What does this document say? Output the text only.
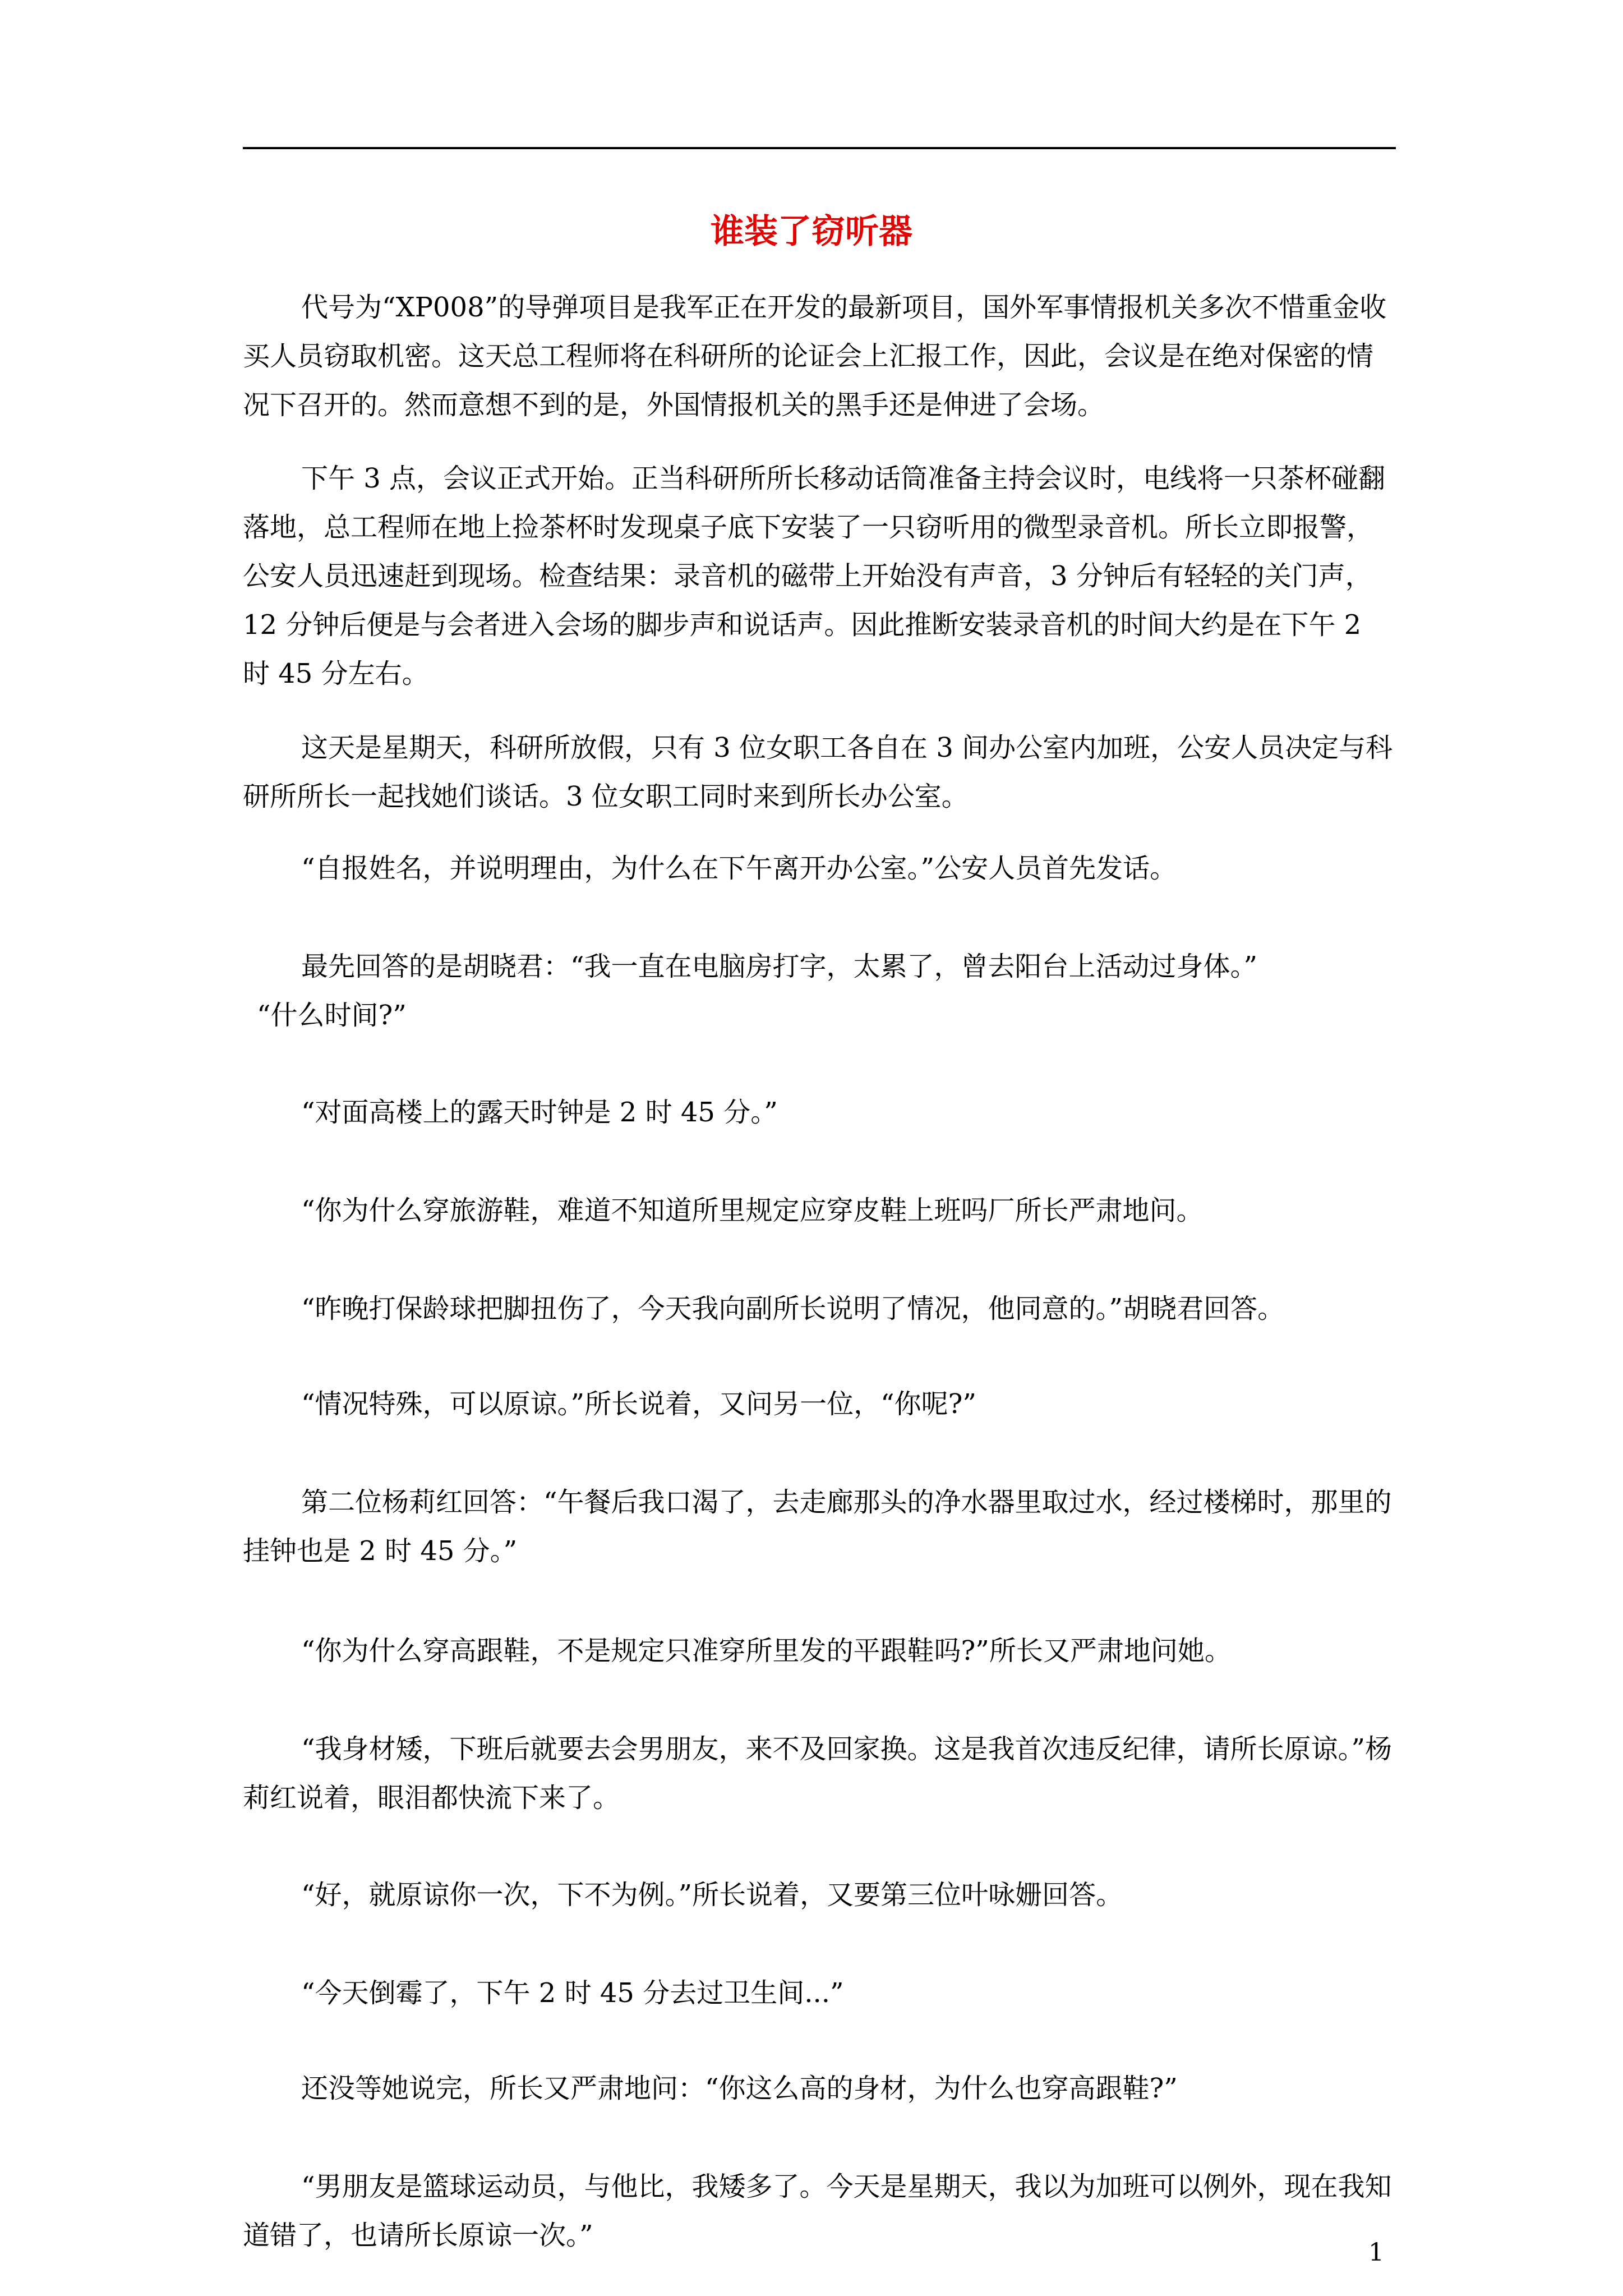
谁装了窃听器

代号为“XP008”的导弹项目是我军正在开发的最新项目，国外军事情报机关多次不惜重金收买人员窃取机密。这天总工程师将在科研所的论证会上汇报工作，因此，会议是在绝对保密的情况下召开的。然而意想不到的是，外国情报机关的黑手还是伸进了会场。

下午 3 点，会议正式开始。正当科研所所长移动话筒准备主持会议时，电线将一只茶杯碰翻落地，总工程师在地上捡茶杯时发现桌子底下安装了一只窃听用的微型录音机。所长立即报警，公安人员迅速赶到现场。检查结果：录音机的磁带上开始没有声音，3 分钟后有轻轻的关门声，12 分钟后便是与会者进入会场的脚步声和说话声。因此推断安装录音机的时间大约是在下午 2 时 45 分左右。

这天是星期天，科研所放假，只有 3 位女职工各自在 3 间办公室内加班，公安人员决定与科研所所长一起找她们谈话。3 位女职工同时来到所长办公室。

“自报姓名，并说明理由，为什么在下午离开办公室。”公安人员首先发话。

最先回答的是胡晓君：“我一直在电脑房打字，太累了，曾去阳台上活动过身体。”

“什么时间?”

“对面高楼上的露天时钟是 2 时 45 分。”

“你为什么穿旅游鞋，难道不知道所里规定应穿皮鞋上班吗厂所长严肃地问。

“昨晚打保龄球把脚扭伤了，今天我向副所长说明了情况，他同意的。”胡晓君回答。

“情况特殊，可以原谅。”所长说着，又问另一位，“你呢?”

第二位杨莉红回答：“午餐后我口渴了，去走廊那头的净水器里取过水，经过楼梯时，那里的挂钟也是 2 时 45 分。”

“你为什么穿高跟鞋，不是规定只准穿所里发的平跟鞋吗?”所长又严肃地问她。

“我身材矮，下班后就要去会男朋友，来不及回家换。这是我首次违反纪律，请所长原谅。”杨莉红说着，眼泪都快流下来了。

“好，就原谅你一次，下不为例。”所长说着，又要第三位叶咏姗回答。

“今天倒霉了，下午 2 时 45 分去过卫生间...”

还没等她说完，所长又严肃地问：“你这么高的身材，为什么也穿高跟鞋?”

“男朋友是篮球运动员，与他比，我矮多了。今天是星期天，我以为加班可以例外，现在我知道错了，也请所长原谅一次。”

1
